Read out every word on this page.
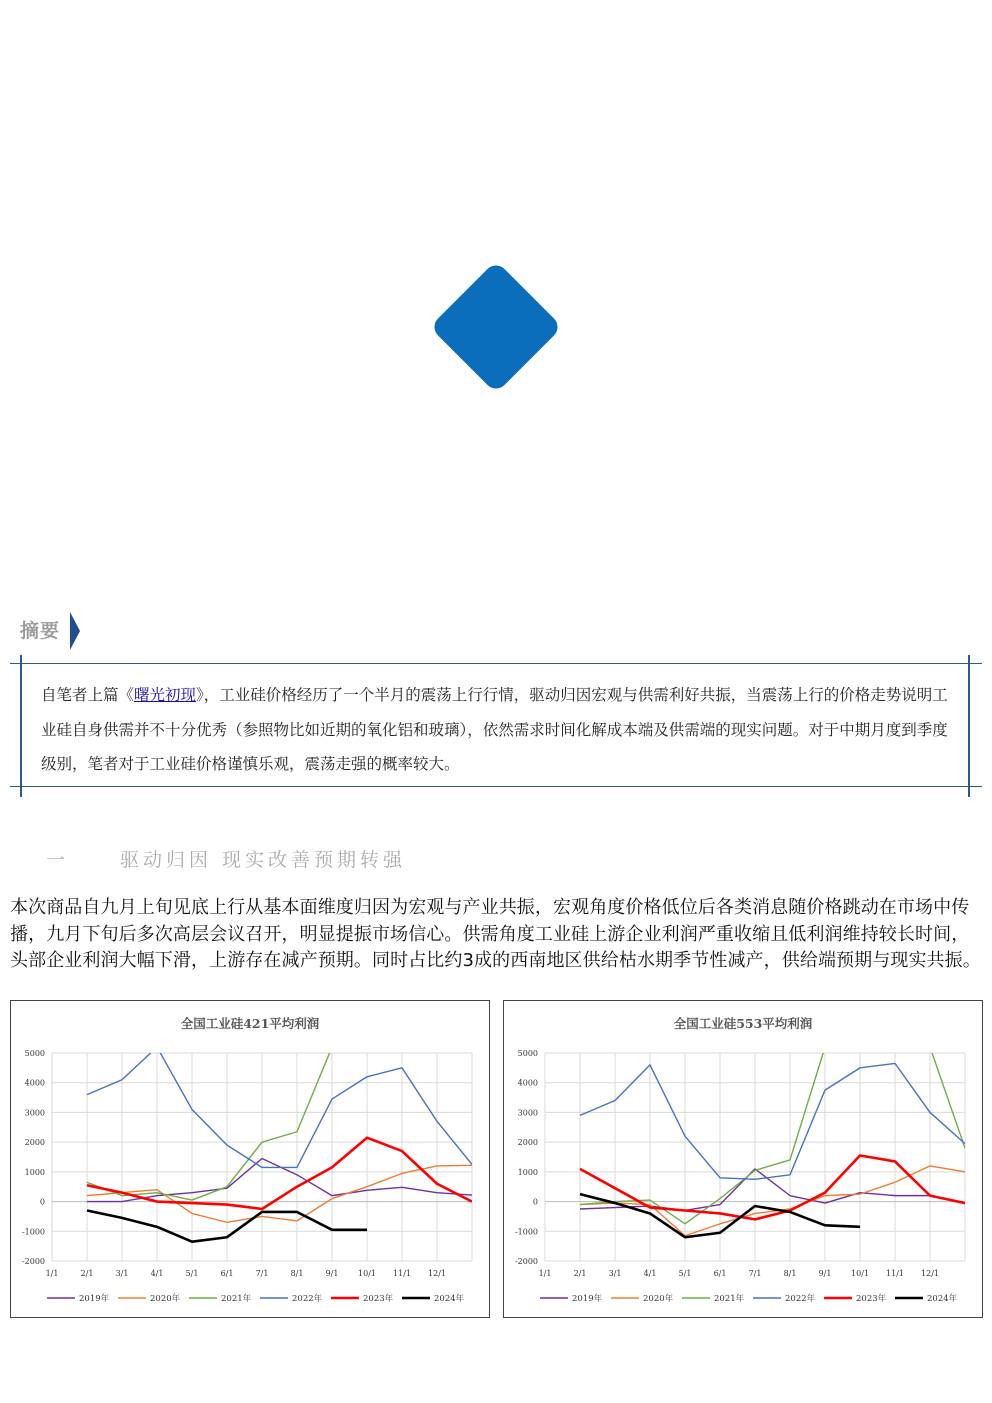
摘要
自笔者上篇《曙光初现》，工业硅价格经历了一个半月的震荡上行行情，驱动归因宏观与供需利好共振，当震荡上行的价格走势说明工业硅自身供需并不十分优秀（参照物比如近期的氧化铝和玻璃），依然需求时间化解成本端及供需端的现实问题。对于中期月度到季度级别，笔者对于工业硅价格谨慎乐观，震荡走强的概率较大。
一	驱动归因 现实改善预期转强
本次商品自九月上旬见底上行从基本面维度归因为宏观与产业共振，宏观角度价格低位后各类消息随价格跳动在市场中传播，九月下旬后多次高层会议召开，明显提振市场信心。供需角度工业硅上游企业利润严重收缩且低利润维持较长时间，头部企业利润大幅下滑，上游存在减产预期。同时占比约3成的西南地区供给枯水期季节性减产，供给端预期与现实共振。
全国工业硅421平均利润
-2000
-1000
0
1000
2000
3000
4000
5000
1/1	2/1	3/1	4/1	5/1	6/1	7/1	8/1	9/1 10/1 11/1 12/1
2019年	2020年	2021年	2022年	2023年	2024年
全国工业硅553平均利润
-2000
-1000
0
1000
2000
3000
4000
5000
1/1	2/1	3/1	4/1	5/1	6/1	7/1	8/1	9/1 10/1 11/1 12/1
2019年	2020年	2021年	2022年	2023年	2024年
